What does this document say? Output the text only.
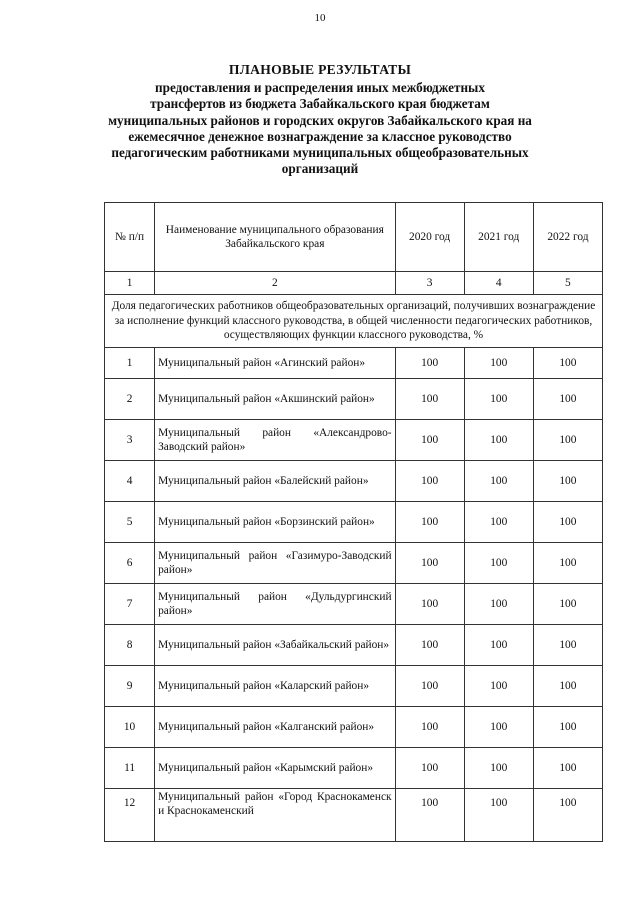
10
ПЛАНОВЫЕ РЕЗУЛЬТАТЫ
предоставления и распределения иных межбюджетных
трансфертов из бюджета Забайкальского края бюджетам
муниципальных районов и городских округов Забайкальского края на
ежемесячное денежное вознаграждение за классное руководство
педагогическим работниками муниципальных общеобразовательных
организаций
№ п/п	Наименование муниципального образования Забайкальского края	2020 год	2021 год	2022 год
1	2	3	4	5
Доля педагогических работников общеобразовательных организаций, получивших вознаграждение за исполнение функций классного руководства, в общей численности педагогических работников, осуществляющих функции классного руководства, %				
1	Муниципальный район «Агинский район»	100	100	100
2	Муниципальный район «Акшинский район»	100	100	100
3	Муниципальный район «Александрово-Заводский район»	100	100	100
4	Муниципальный район «Балейский район»	100	100	100
5	Муниципальный район «Борзинский район»	100	100	100
6	Муниципальный район «Газимуро-Заводский район»	100	100	100
7	Муниципальный район «Дульдургинский район»	100	100	100
8	Муниципальный район «Забайкальский район»	100	100	100
9	Муниципальный район «Каларский район»	100	100	100
10	Муниципальный район «Калганский район»	100	100	100
11	Муниципальный район «Карымский район»	100	100	100
12	Муниципальный район «Город Краснокаменск и Краснокаменский	100	100	100
